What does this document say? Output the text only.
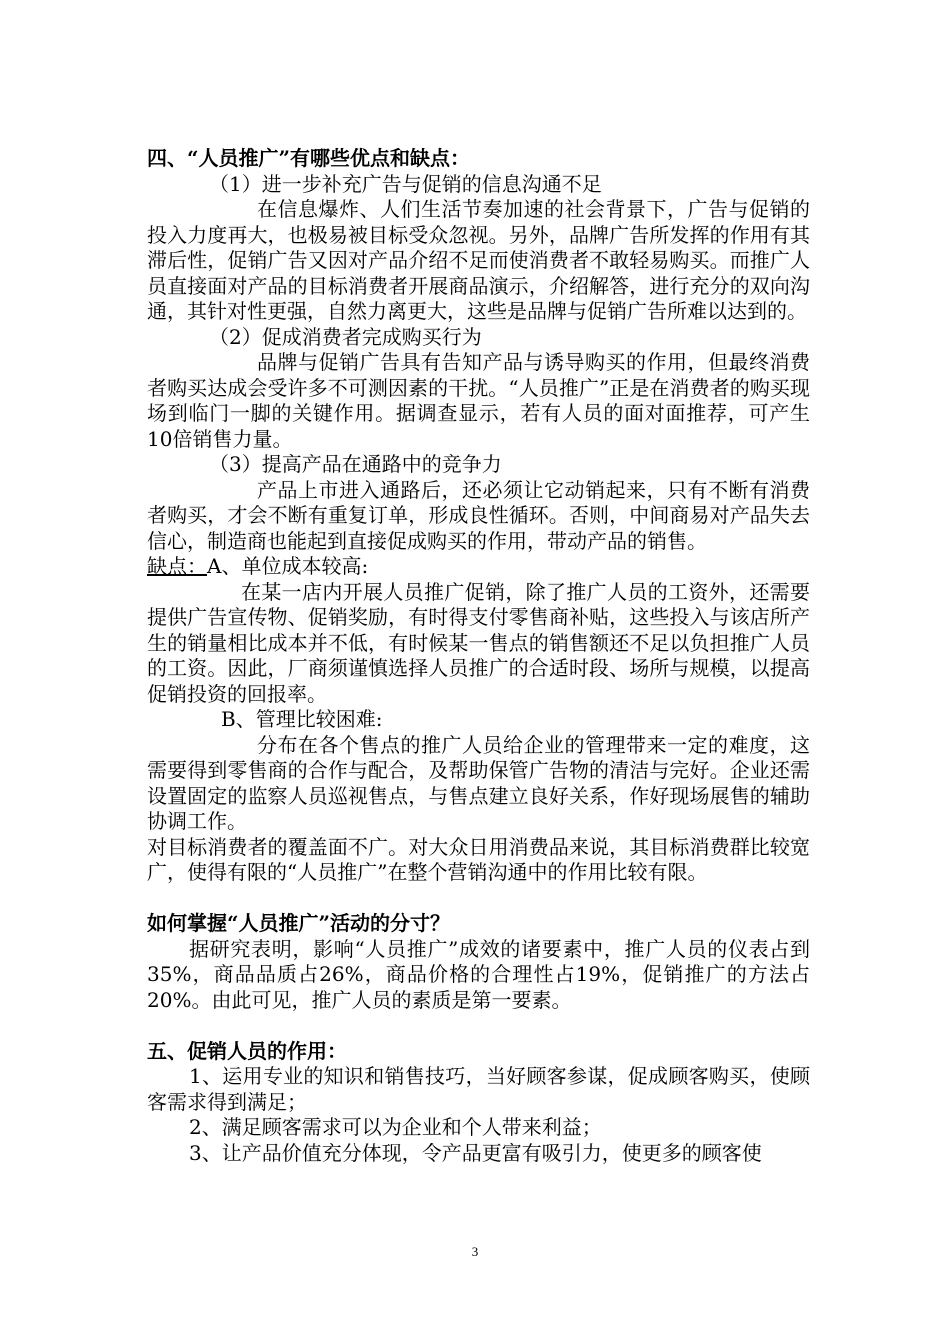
四、“人员推广”有哪些优点和缺点：

（1）进一步补充广告与促销的信息沟通不足

在信息爆炸、人们生活节奏加速的社会背景下，广告与促销的投入力度再大，也极易被目标受众忽视。另外，品牌广告所发挥的作用有其滞后性，促销广告又因对产品介绍不足而使消费者不敢轻易购买。而推广人员直接面对产品的目标消费者开展商品演示，介绍解答，进行充分的双向沟通，其针对性更强，自然力离更大，这些是品牌与促销广告所难以达到的。

（2）促成消费者完成购买行为

品牌与促销广告具有告知产品与诱导购买的作用，但最终消费者购买达成会受许多不可测因素的干扰。“人员推广”正是在消费者的购买现场到临门一脚的关键作用。据调查显示，若有人员的面对面推荐，可产生10倍销售力量。

（3）提高产品在通路中的竞争力

产品上市进入通路后，还必须让它动销起来，只有不断有消费者购买，才会不断有重复订单，形成良性循环。否则，中间商易对产品失去信心，制造商也能起到直接促成购买的作用，带动产品的销售。

缺点：A、单位成本较高:

在某一店内开展人员推广促销，除了推广人员的工资外，还需要提供广告宣传物、促销奖励，有时得支付零售商补贴，这些投入与该店所产生的销量相比成本并不低，有时候某一售点的销售额还不足以负担推广人员的工资。因此，厂商须谨慎选择人员推广的合适时段、场所与规模，以提高促销投资的回报率。

B、管理比较困难:

分布在各个售点的推广人员给企业的管理带来一定的难度，这需要得到零售商的合作与配合，及帮助保管广告物的清洁与完好。企业还需设置固定的监察人员巡视售点，与售点建立良好关系，作好现场展售的辅助协调工作。

对目标消费者的覆盖面不广。对大众日用消费品来说，其目标消费群比较宽广，使得有限的“人员推广”在整个营销沟通中的作用比较有限。

如何掌握“人员推广”活动的分寸？

据研究表明，影响“人员推广”成效的诸要素中，推广人员的仪表占到35%，商品品质占26%，商品价格的合理性占19%，促销推广的方法占20%。由此可见，推广人员的素质是第一要素。

五、促销人员的作用：

1、运用专业的知识和销售技巧，当好顾客参谋，促成顾客购买，使顾客需求得到满足；

2、满足顾客需求可以为企业和个人带来利益；

3、让产品价值充分体现，令产品更富有吸引力，使更多的顾客使

3
